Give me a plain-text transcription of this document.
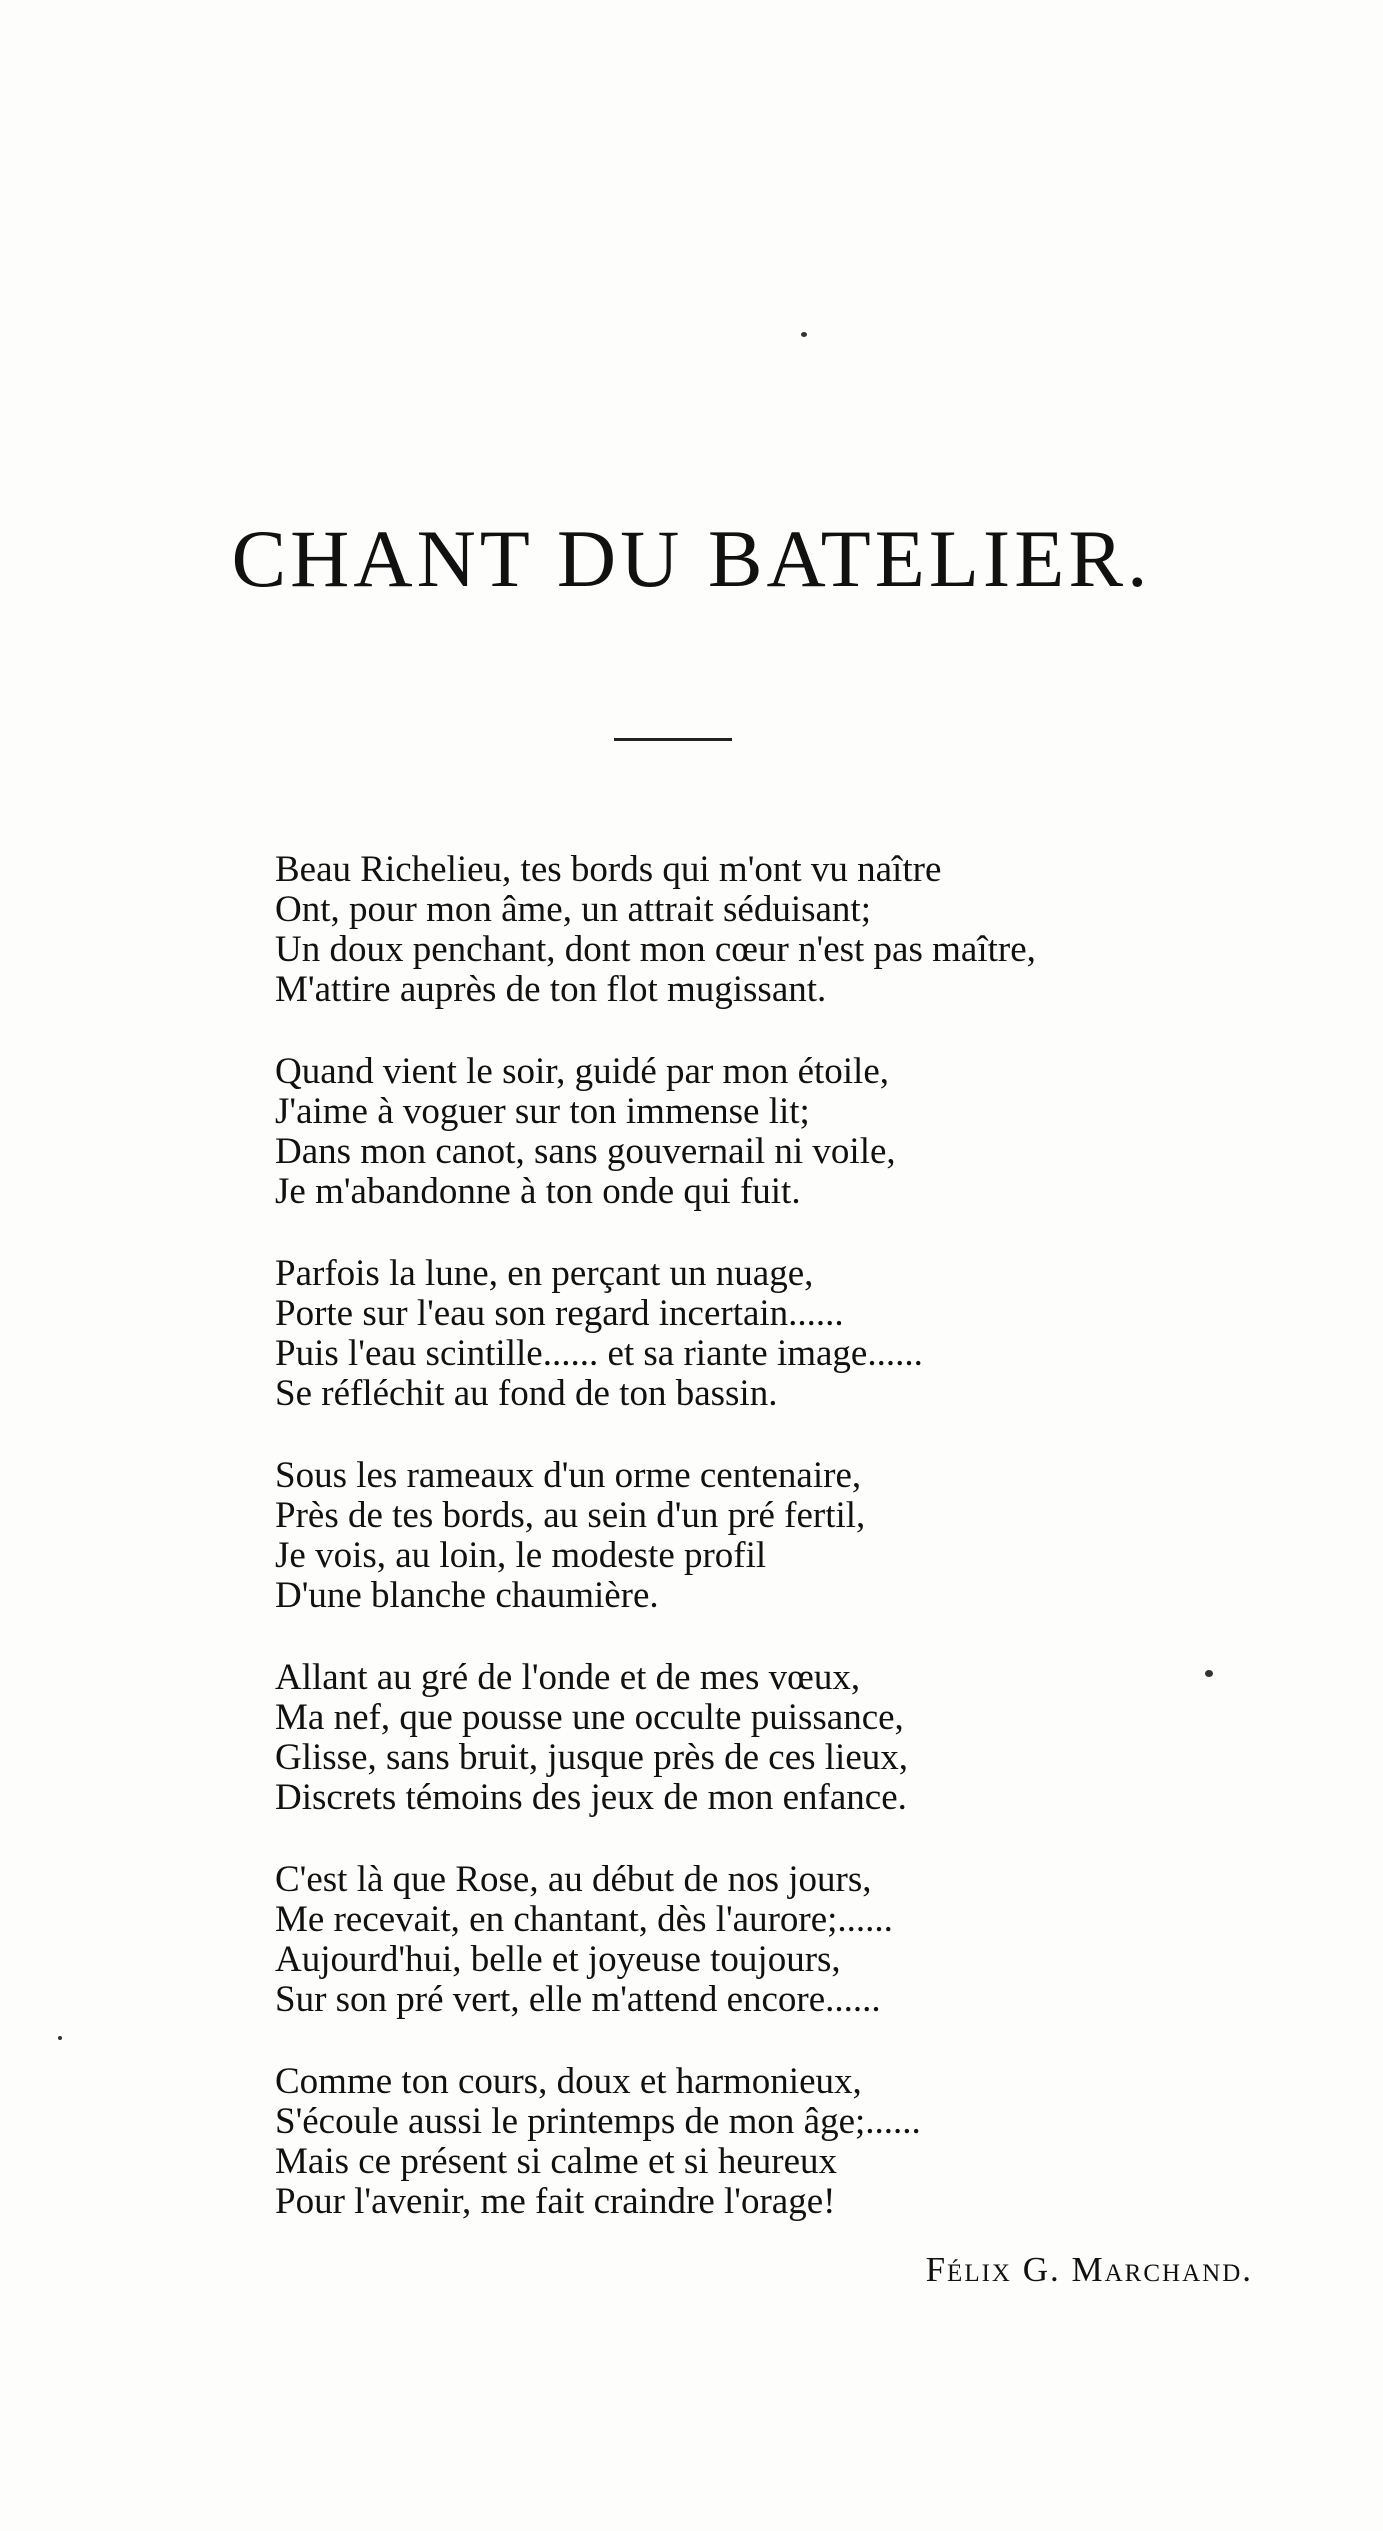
CHANT DU BATELIER.
Beau Richelieu, tes bords qui m'ont vu naître
Ont, pour mon âme, un attrait séduisant;
Un doux penchant, dont mon cœur n'est pas maître,
M'attire auprès de ton flot mugissant.
Quand vient le soir, guidé par mon étoile,
J'aime à voguer sur ton immense lit;
Dans mon canot, sans gouvernail ni voile,
Je m'abandonne à ton onde qui fuit.
Parfois la lune, en perçant un nuage,
Porte sur l'eau son regard incertain......
Puis l'eau scintille...... et sa riante image......
Se réfléchit au fond de ton bassin.
Sous les rameaux d'un orme centenaire,
Près de tes bords, au sein d'un pré fertil,
Je vois, au loin, le modeste profil
D'une blanche chaumière.
Allant au gré de l'onde et de mes vœux,
Ma nef, que pousse une occulte puissance,
Glisse, sans bruit, jusque près de ces lieux,
Discrets témoins des jeux de mon enfance.
C'est là que Rose, au début de nos jours,
Me recevait, en chantant, dès l'aurore;......
Aujourd'hui, belle et joyeuse toujours,
Sur son pré vert, elle m'attend encore......
Comme ton cours, doux et harmonieux,
S'écoule aussi le printemps de mon âge;......
Mais ce présent si calme et si heureux
Pour l'avenir, me fait craindre l'orage!
Félix G. Marchand.
